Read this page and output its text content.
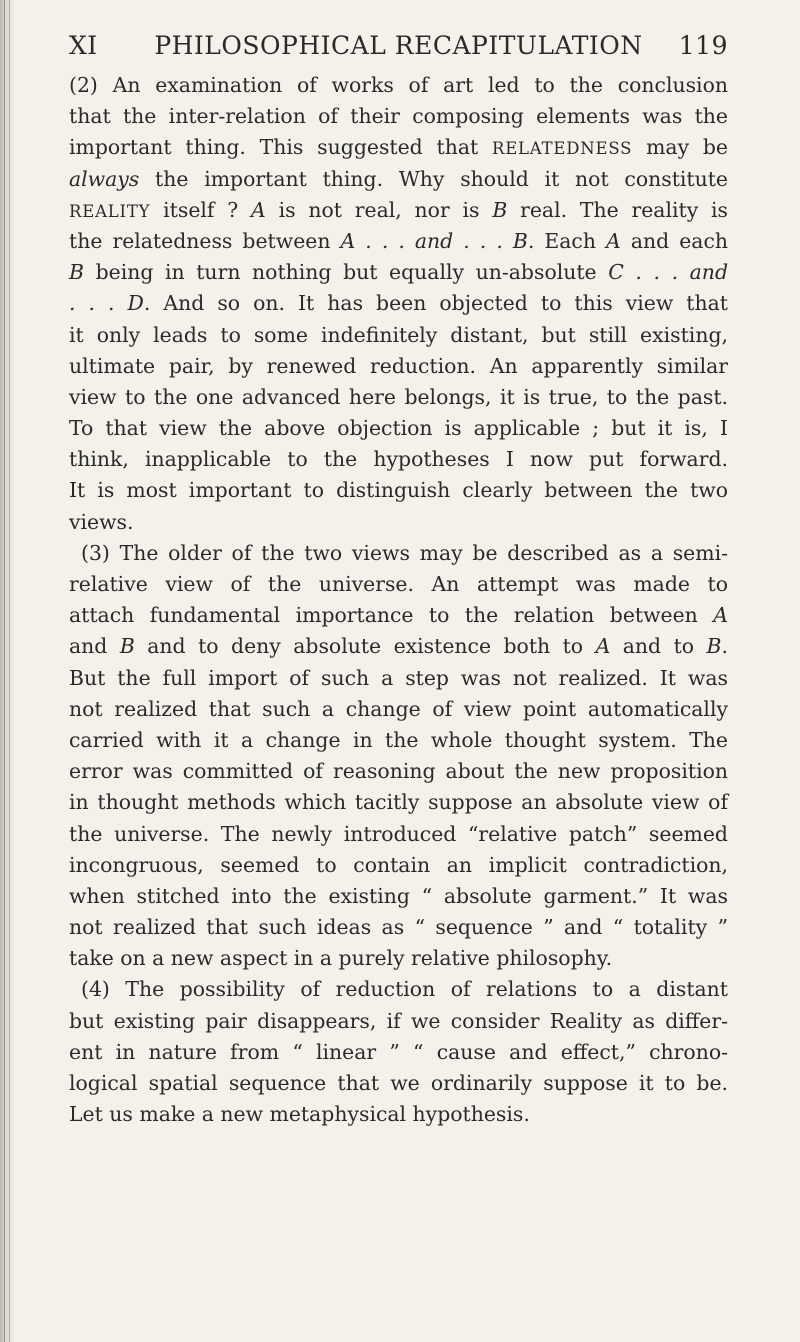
XI	PHILOSOPHICAL RECAPITULATION	119
(2) An examination of works of art led to the conclusion
that the inter-relation of their composing elements was the
important thing. This suggested that RELATEDNESS may be
always the important thing. Why should it not constitute
REALITY itself ? A is not real, nor is B real. The reality is
the relatedness between A . . . and . . . B. Each A and each
B being in turn nothing but equally un-absolute C . . . and
. . . D. And so on. It has been objected to this view that
it only leads to some indefinitely distant, but still existing,
ultimate pair, by renewed reduction. An apparently similar
view to the one advanced here belongs, it is true, to the past.
To that view the above objection is applicable ; but it is, I
think, inapplicable to the hypotheses I now put forward.
It is most important to distinguish clearly between the two
views.
(3) The older of the two views may be described as a semi-
relative view of the universe. An attempt was made to
attach fundamental importance to the relation between A
and B and to deny absolute existence both to A and to B.
But the full import of such a step was not realized. It was
not realized that such a change of view point automatically
carried with it a change in the whole thought system. The
error was committed of reasoning about the new proposition
in thought methods which tacitly suppose an absolute view of
the universe. The newly introduced “relative patch” seemed
incongruous, seemed to contain an implicit contradiction,
when stitched into the existing “ absolute garment.” It was
not realized that such ideas as “ sequence ” and “ totality ”
take on a new aspect in a purely relative philosophy.
(4) The possibility of reduction of relations to a distant
but existing pair disappears, if we consider Reality as differ-
ent in nature from “ linear ” “ cause and effect,” chrono-
logical spatial sequence that we ordinarily suppose it to be.
Let us make a new metaphysical hypothesis.
